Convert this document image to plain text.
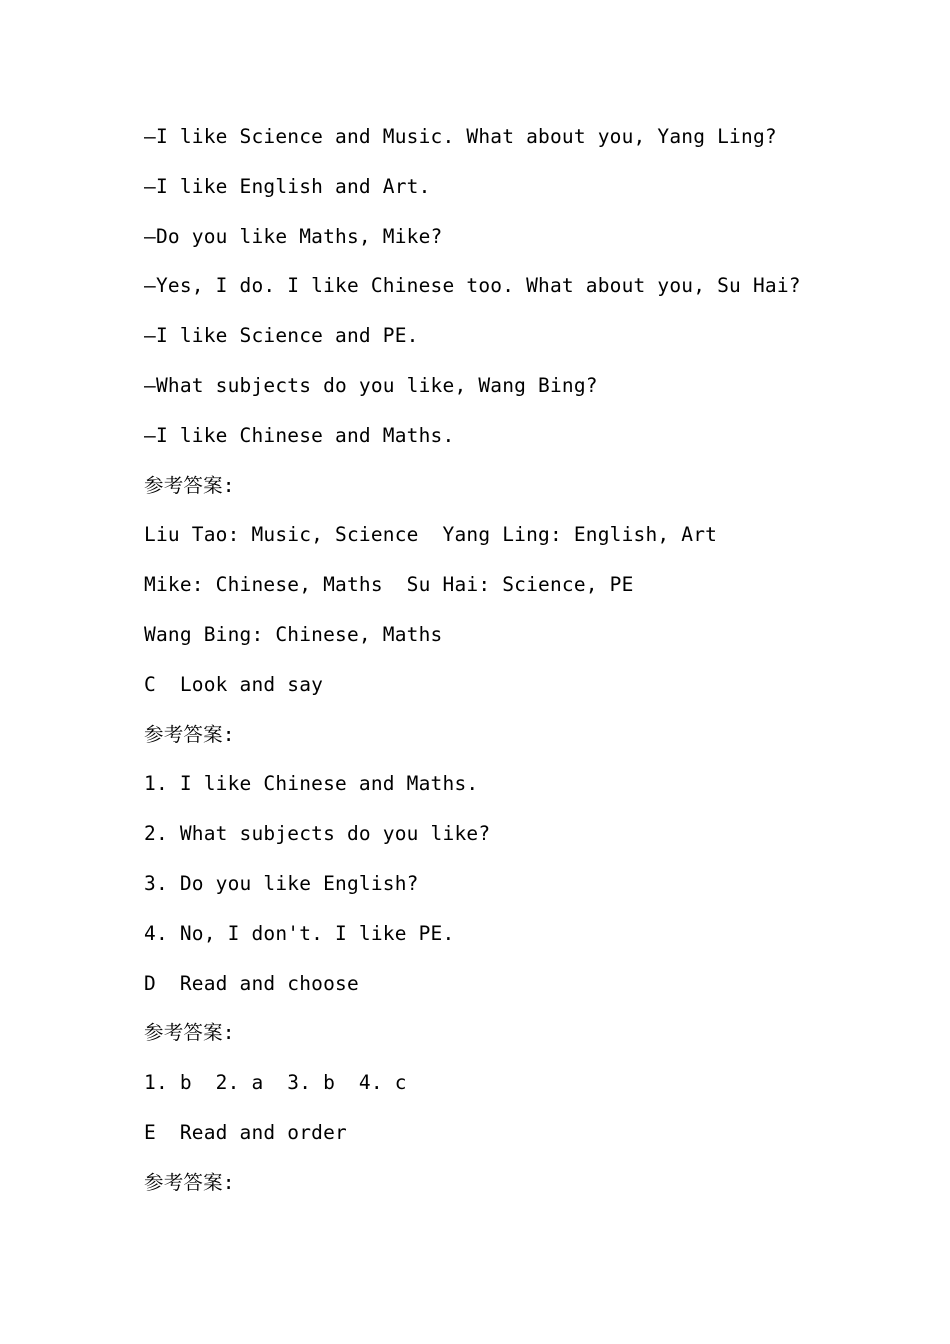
—I like Science and Music. What about you, Yang Ling?
—I like English and Art.
—Do you like Maths, Mike?
—Yes, I do. I like Chinese too. What about you, Su Hai?
—I like Science and PE.
—What subjects do you like, Wang Bing?
—I like Chinese and Maths.
参考答案:
Liu Tao: Music, Science  Yang Ling: English, Art
Mike: Chinese, Maths  Su Hai: Science, PE
Wang Bing: Chinese, Maths
C  Look and say
参考答案:
1. I like Chinese and Maths.
2. What subjects do you like?
3. Do you like English?
4. No, I don't. I like PE.
D  Read and choose
参考答案:
1. b  2. a  3. b  4. c
E  Read and order
参考答案:
